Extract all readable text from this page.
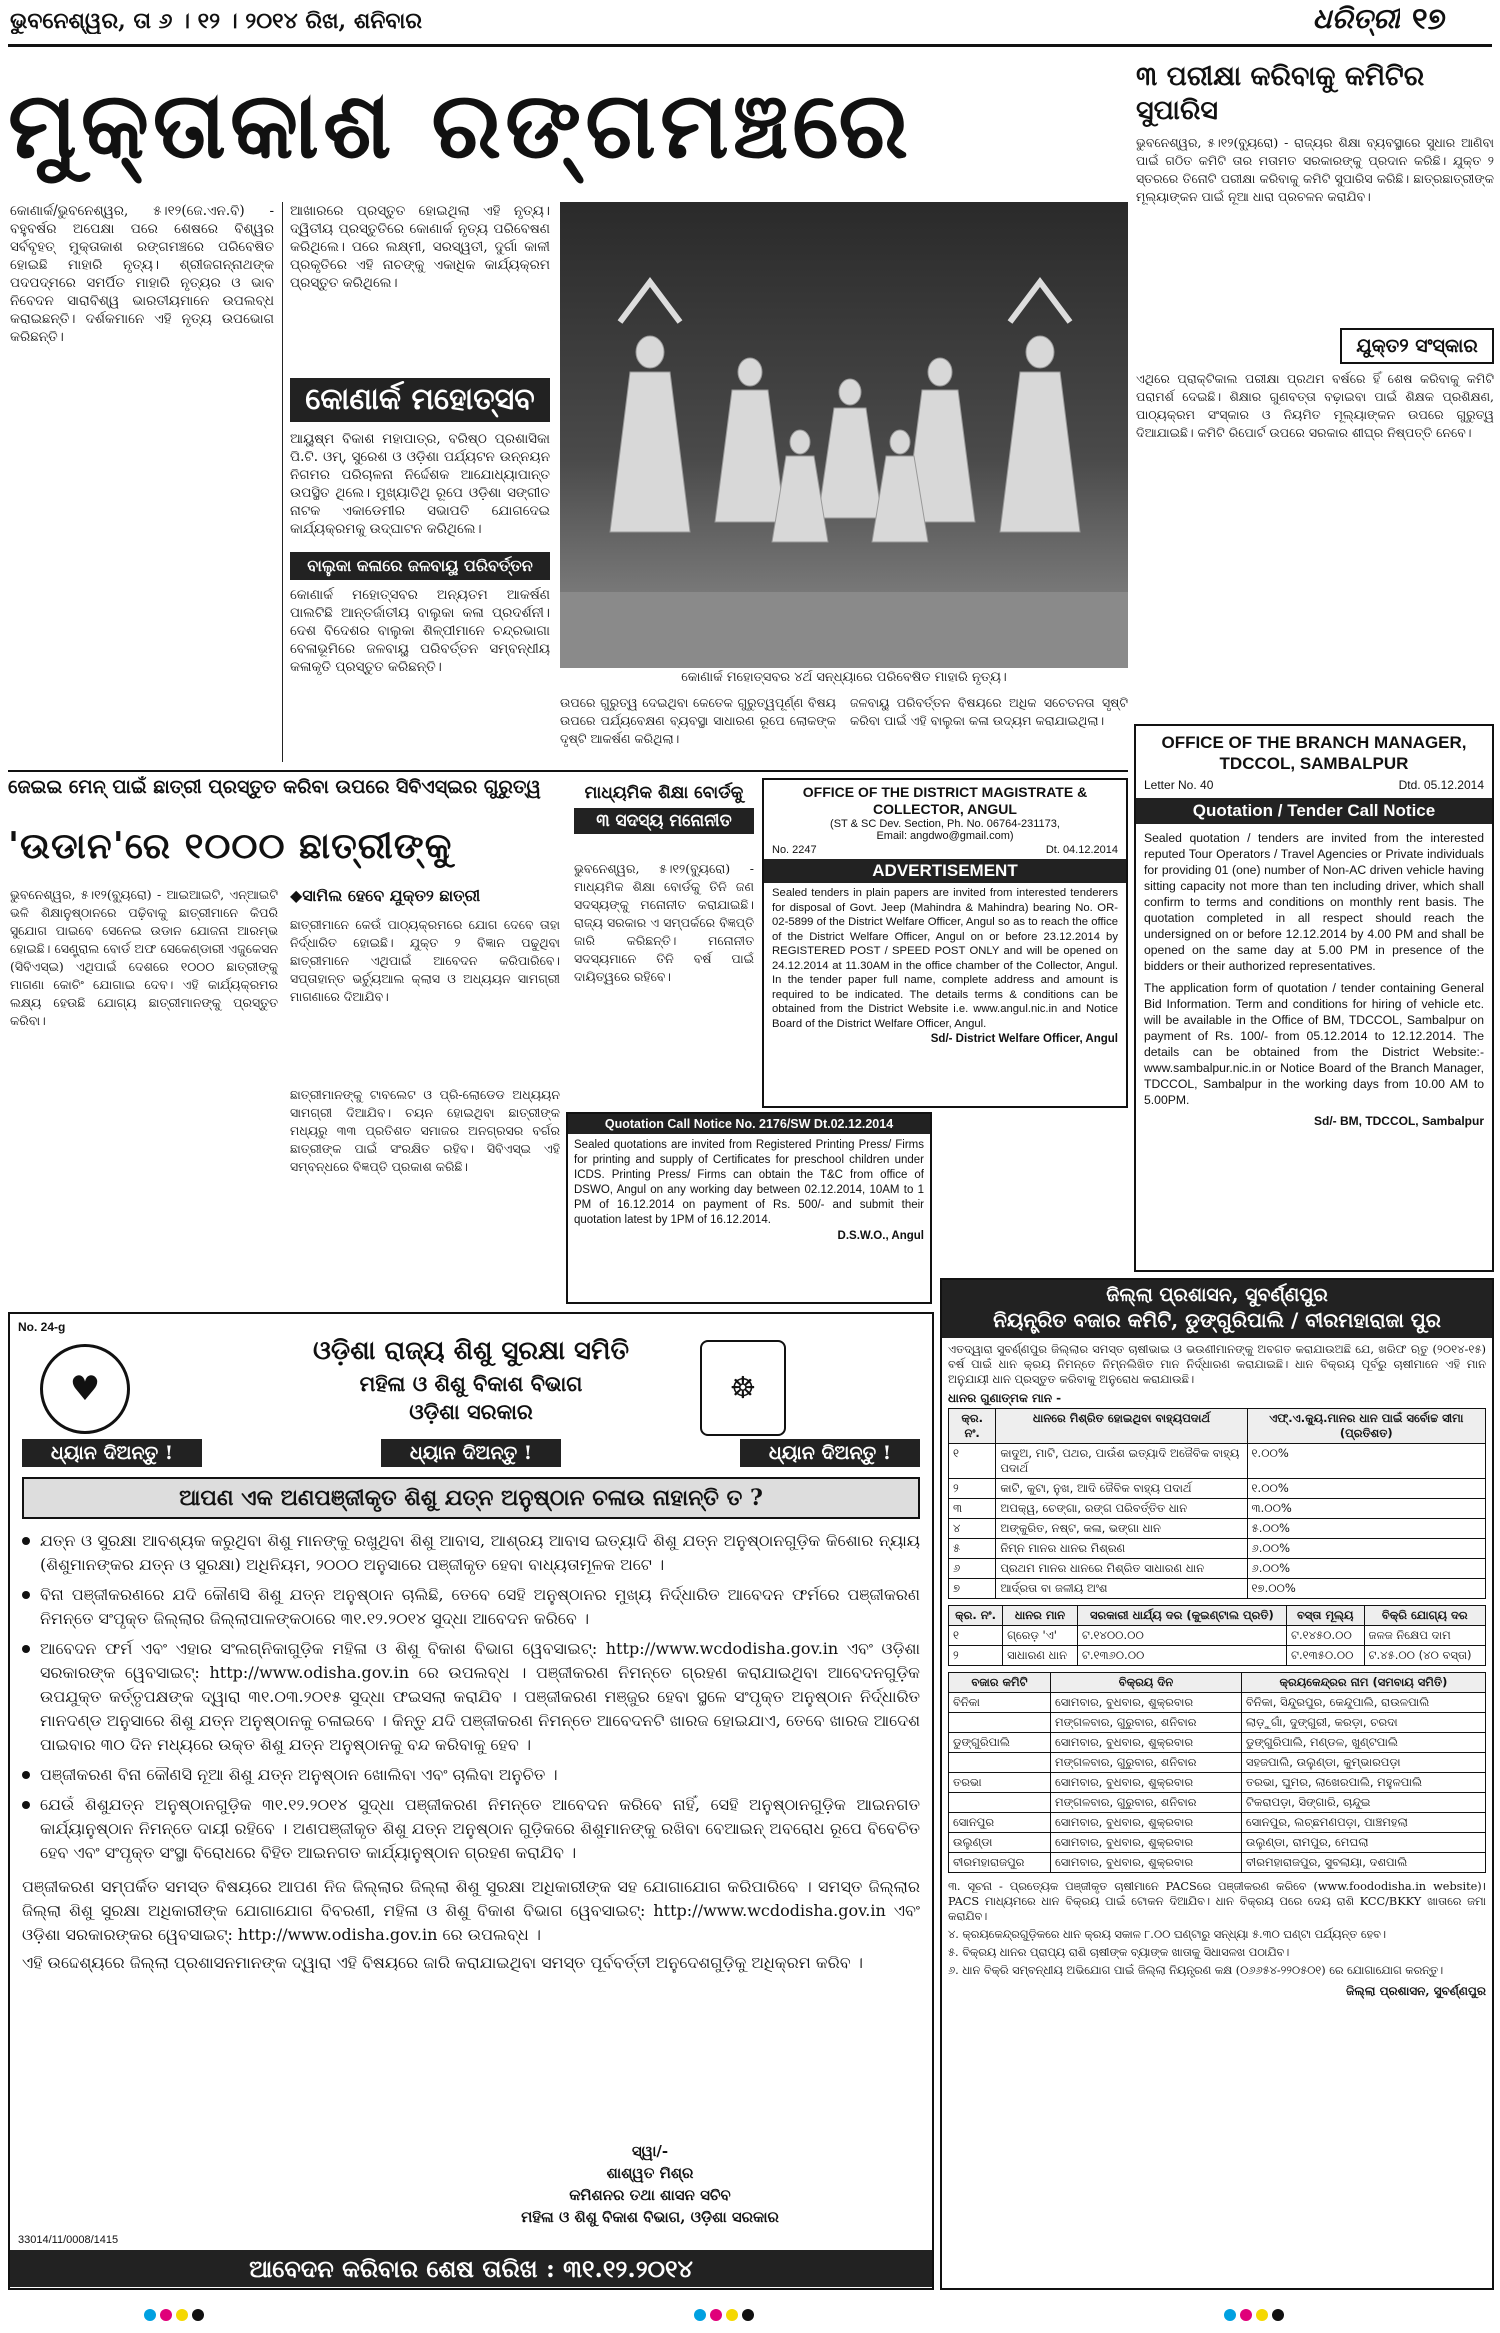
ଭୁବନେଶ୍ୱର, ତା ୬ । ୧୨ । ୨୦୧୪ ରିଖ, ଶନିବାର	ଧରିତ୍ରୀ ୧୭
ମୁକ୍ତାକାଶ ରଙ୍ଗମଞ୍ଚରେ
କୋଣାର୍କ/ଭୁବନେଶ୍ୱର, ୫।୧୨(ଜେ.ଏନ.ବି) - ବହୁବର୍ଷର ଅପେକ୍ଷା ପରେ ଶେଷରେ ବିଶ୍ୱର ସର୍ବବୃହତ୍ ମୁକ୍ତାକାଶ ରଙ୍ଗମଞ୍ଚରେ ପରିବେଷିତ ହୋଇଛି ମାହାରି ନୃତ୍ୟ। ଶ୍ରୀଜଗନ୍ନାଥଙ୍କ ପଦପଦ୍ମରେ ସମର୍ପିତ ମାହାରି ନୃତ୍ୟର ଓ ଭାବ ନିବେଦନ ସାରାବିଶ୍ୱ ଭାରତୀୟମାନେ ଉପଲବ୍ଧ କରାଇଛନ୍ତି। ଦର୍ଶକମାନେ ଏହି ନୃତ୍ୟ ଉପଭୋଗ କରିଛନ୍ତି।
ଆଖାରରେ ପ୍ରସ୍ତୁତ ହୋଇଥିଲା ଏହି ନୃତ୍ୟ। ଦ୍ୱିତୀୟ ପ୍ରସ୍ତୁତିରେ କୋଣାର୍କ ନୃତ୍ୟ ପରିବେଷଣ କରିଥିଲେ। ପରେ ଲକ୍ଷ୍ମୀ, ସରସ୍ୱତୀ, ଦୁର୍ଗା କାଳୀ ପ୍ରକୃତିରେ ଏହି ନାଚଙ୍କୁ ଏକାଧିକ କାର୍ଯ୍ୟକ୍ରମ ପ୍ରସ୍ତୁତ କରିଥିଲେ।
କୋଣାର୍କ ମହୋତ୍ସବ
ଆୟୁଷ୍ମ ବିକାଶ ମହାପାତ୍ର, ବରିଷ୍ଠ ପ୍ରଶାସିକା ପି.ଟି. ଓମ୍, ସୁରେଶ ଓ ଓଡ଼ିଶା ପର୍ଯ୍ୟଟନ ଉନ୍ନୟନ ନିଗମର ପରିଚାଳନା ନିର୍ଦ୍ଦେଶକ ଆଯୋଧ୍ୟାପାନ୍ତ ଉପସ୍ଥିତ ଥିଲେ। ମୁଖ୍ୟାତିଥି ରୂପେ ଓଡ଼ିଶା ସଙ୍ଗୀତ ନାଟକ ଏକାଡେମୀର ସଭାପତି ଯୋଗଦେଇ କାର୍ଯ୍ୟକ୍ରମକୁ ଉଦ୍‌ଘାଟନ କରିଥିଲେ।
ବାଲୁକା କଳାରେ ଜଳବାୟୁ ପରିବର୍ତ୍ତନ
କୋଣାର୍କ ମହୋତ୍ସବର ଅନ୍ୟତମ ଆକର୍ଷଣ ପାଲଟିଛି ଆନ୍ତର୍ଜାତୀୟ ବାଲୁକା କଳା ପ୍ରଦର୍ଶନୀ। ଦେଶ ବିଦେଶର ବାଲୁକା ଶିଳ୍ପୀମାନେ ଚନ୍ଦ୍ରଭାଗା ବେଳାଭୂମିରେ ଜଳବାୟୁ ପରିବର୍ତ୍ତନ ସମ୍ବନ୍ଧୀୟ କଳାକୃତି ପ୍ରସ୍ତୁତ କରିଛନ୍ତି।
କୋଣାର୍କ ମହୋତ୍ସବର ୪ର୍ଥ ସନ୍ଧ୍ୟାରେ ପରିବେଷିତ ମାହାରି ନୃତ୍ୟ।
ଉପରେ ଗୁରୁତ୍ୱ ଦେଇଥିବା କେତେକ ଗୁରୁତ୍ୱପୂର୍ଣ୍ଣ ବିଷୟ ଉପରେ ପର୍ଯ୍ୟବେକ୍ଷଣ ବ୍ୟବସ୍ଥା ସାଧାରଣ ରୂପେ ଲୋକଙ୍କ ଦୃଷ୍ଟି ଆକର୍ଷଣ କରିଥିଲା।
ଜଳବାୟୁ ପରିବର୍ତ୍ତନ ବିଷୟରେ ଅଧିକ ସଚେତନତା ସୃଷ୍ଟି କରିବା ପାଇଁ ଏହି ବାଲୁକା କଳା ଉଦ୍ୟମ କରାଯାଇଥିଲା।
୩ ପରୀକ୍ଷା କରିବାକୁ କମିଟିର ସୁପାରିସ
ଭୁବନେଶ୍ୱର, ୫।୧୨(ବ୍ୟୁରୋ) - ରାଜ୍ୟର ଶିକ୍ଷା ବ୍ୟବସ୍ଥାରେ ସୁଧାର ଆଣିବା ପାଇଁ ଗଠିତ କମିଟି ତାର ମତାମତ ସରକାରଙ୍କୁ ପ୍ରଦାନ କରିଛି। ଯୁକ୍ତ ୨ ସ୍ତରରେ ତିନୋଟି ପରୀକ୍ଷା କରିବାକୁ କମିଟି ସୁପାରିସ କରିଛି। ଛାତ୍ରଛାତ୍ରୀଙ୍କ ମୂଲ୍ୟାଙ୍କନ ପାଇଁ ନୂଆ ଧାରା ପ୍ରଚଳନ କରାଯିବ।
ଯୁକ୍ତ୨ ସଂସ୍କାର
ଏଥିରେ ପ୍ରାକ୍ଟିକାଲ ପରୀକ୍ଷା ପ୍ରଥମ ବର୍ଷରେ ହିଁ ଶେଷ କରିବାକୁ କମିଟି ପରାମର୍ଶ ଦେଇଛି। ଶିକ୍ଷାର ଗୁଣବତ୍ତା ବଢ଼ାଇବା ପାଇଁ ଶିକ୍ଷକ ପ୍ରଶିକ୍ଷଣ, ପାଠ୍ୟକ୍ରମ ସଂସ୍କାର ଓ ନିୟମିତ ମୂଲ୍ୟାଙ୍କନ ଉପରେ ଗୁରୁତ୍ୱ ଦିଆଯାଇଛି। କମିଟି ରିପୋର୍ଟ ଉପରେ ସରକାର ଶୀଘ୍ର ନିଷ୍ପତ୍ତି ନେବେ।
OFFICE OF THE BRANCH MANAGER, TDCCOL, SAMBALPUR
Letter No. 40	Dtd. 05.12.2014
Quotation / Tender Call Notice
Sealed quotation / tenders are invited from the interested reputed Tour Operators / Travel Agencies or Private individuals for providing 01 (one) number of Non-AC driven vehicle having sitting capacity not more than ten including driver, which shall confirm to terms and conditions on monthly rent basis. The quotation completed in all respect should reach the undersigned on or before 12.12.2014 by 4.00 PM and shall be opened on the same day at 5.00 PM in presence of the bidders or their authorized representatives.
The application form of quotation / tender containing General Bid Information. Term and conditions for hiring of vehicle etc. will be available in the Office of BM, TDCCOL, Sambalpur on payment of Rs. 100/- from 05.12.2014 to 12.12.2014. The details can be obtained from the District Website:- www.sambalpur.nic.in or Notice Board of the Branch Manager, TDCCOL, Sambalpur in the working days from 10.00 AM to 5.00PM.
Sd/- BM, TDCCOL, Sambalpur
ଜେଇଇ ମେନ୍ ପାଇଁ ଛାତ୍ରୀ ପ୍ରସ୍ତୁତ କରିବା ଉପରେ ସିବିଏସ୍‌ଇର ଗୁରୁତ୍ୱ
'ଉଡାନ'ରେ ୧୦୦୦ ଛାତ୍ରୀଙ୍କୁ
ଭୁବନେଶ୍ୱର, ୫।୧୨(ବ୍ୟୁରୋ) - ଆଇଆଇଟି, ଏନ୍‌ଆଇଟି ଭଳି ଶିକ୍ଷାନୁଷ୍ଠାନରେ ପଢ଼ିବାକୁ ଛାତ୍ରୀମାନେ କିପରି ସୁଯୋଗ ପାଇବେ ସେନେଇ ଉଡାନ ଯୋଜନା ଆରମ୍ଭ ହୋଇଛି। ସେଣ୍ଟ୍ରାଲ ବୋର୍ଡ ଅଫ ସେକେଣ୍ଡାରୀ ଏଜୁକେସନ (ସିବିଏସ୍‌ଇ) ଏଥିପାଇଁ ଦେଶରେ ୧୦୦୦ ଛାତ୍ରୀଙ୍କୁ ମାଗଣା କୋଚିଂ ଯୋଗାଇ ଦେବ। ଏହି କାର୍ଯ୍ୟକ୍ରମର ଲକ୍ଷ୍ୟ ହେଉଛି ଯୋଗ୍ୟ ଛାତ୍ରୀମାନଙ୍କୁ ପ୍ରସ୍ତୁତ କରିବା।
◆ସାମିଲ ହେବେ ଯୁକ୍ତ୨ ଛାତ୍ରୀ
ଛାତ୍ରୀମାନେ କେଉଁ ପାଠ୍ୟକ୍ରମରେ ଯୋଗ ଦେବେ ତାହା ନିର୍ଦ୍ଧାରିତ ହୋଇଛି। ଯୁକ୍ତ ୨ ବିଜ୍ଞାନ ପଢୁଥିବା ଛାତ୍ରୀମାନେ ଏଥିପାଇଁ ଆବେଦନ କରିପାରିବେ। ସପ୍ତାହାନ୍ତ ଭର୍ଚ୍ୟୁଆଲ କ୍ଲାସ ଓ ଅଧ୍ୟୟନ ସାମଗ୍ରୀ ମାଗଣାରେ ଦିଆଯିବ।
ଛାତ୍ରୀମାନଙ୍କୁ ଟାବଲେଟ ଓ ପ୍ରି-ଲୋଡେଡ ଅଧ୍ୟୟନ ସାମଗ୍ରୀ ଦିଆଯିବ। ଚୟନ ହୋଇଥିବା ଛାତ୍ରୀଙ୍କ ମଧ୍ୟରୁ ୩୩ ପ୍ରତିଶତ ସମାଜର ଅନଗ୍ରସର ବର୍ଗର ଛାତ୍ରୀଙ୍କ ପାଇଁ ସଂରକ୍ଷିତ ରହିବ। ସିବିଏସ୍‌ଇ ଏହି ସମ୍ବନ୍ଧରେ ବିଜ୍ଞପ୍ତି ପ୍ରକାଶ କରିଛି।
ମାଧ୍ୟମିକ ଶିକ୍ଷା ବୋର୍ଡକୁ
୩ ସଦସ୍ୟ ମନୋନୀତ
ଭୁବନେଶ୍ୱର, ୫।୧୨(ବ୍ୟୁରୋ) - ମାଧ୍ୟମିକ ଶିକ୍ଷା ବୋର୍ଡକୁ ତିନି ଜଣ ସଦସ୍ୟଙ୍କୁ ମନୋନୀତ କରାଯାଇଛି। ରାଜ୍ୟ ସରକାର ଏ ସମ୍ପର୍କରେ ବିଜ୍ଞପ୍ତି ଜାରି କରିଛନ୍ତି। ମନୋନୀତ ସଦସ୍ୟମାନେ ତିନି ବର୍ଷ ପାଇଁ ଦାୟିତ୍ୱରେ ରହିବେ।
OFFICE OF THE DISTRICT MAGISTRATE & COLLECTOR, ANGUL
(ST & SC Dev. Section, Ph. No. 06764-231173,
Email: angdwo@gmail.com)
No. 2247	Dt. 04.12.2014
ADVERTISEMENT
Sealed tenders in plain papers are invited from interested tenderers for disposal of Govt. Jeep (Mahindra & Mahindra) bearing No. OR-02-5899 of the District Welfare Officer, Angul so as to reach the office of the District Welfare Officer, Angul on or before 23.12.2014 by REGISTERED POST / SPEED POST ONLY and will be opened on 24.12.2014 at 11.30AM in the office chamber of the Collector, Angul. In the tender paper full name, complete address and amount is required to be indicated. The details terms & conditions can be obtained from the District Website i.e. www.angul.nic.in and Notice Board of the District Welfare Officer, Angul.
Sd/- District Welfare Officer, Angul
Quotation Call Notice No. 2176/SW Dt.02.12.2014
Sealed quotations are invited from Registered Printing Press/ Firms for printing and supply of Certificates for preschool children under ICDS. Printing Press/ Firms can obtain the T&C from office of DSWO, Angul on any working day between 02.12.2014, 10AM to 1 PM of 16.12.2014 on payment of Rs. 500/- and submit their quotation latest by 1PM of 16.12.2014.
D.S.W.O., Angul
ଜିଲ୍ଲା ପ୍ରଶାସନ, ସୁବର୍ଣ୍ଣପୁର
ନିୟନ୍ତ୍ରିତ ବଜାର କମିଟି, ଡୁଙ୍ଗୁରିପାଲି / ବୀରମହାରାଜା ପୁର
ଏତଦ୍ୱାରା ସୁବର୍ଣ୍ଣପୁର ଜିଲ୍ଲାର ସମସ୍ତ ଚାଷୀଭାଇ ଓ ଭଉଣୀମାନଙ୍କୁ ଅବଗତ କରାଯାଉଅଛି ଯେ, ଖରିଫ ଋତୁ (୨୦୧୪-୧୫) ବର୍ଷ ପାଇଁ ଧାନ କ୍ରୟ ନିମନ୍ତେ ନିମ୍ନଲିଖିତ ମାନ ନିର୍ଦ୍ଧାରଣ କରାଯାଇଛି। ଧାନ ବିକ୍ରୟ ପୂର୍ବରୁ ଚାଷୀମାନେ ଏହି ମାନ ଅନୁଯାୟୀ ଧାନ ପ୍ରସ୍ତୁତ କରିବାକୁ ଅନୁରୋଧ କରାଯାଉଛି।
ଧାନର ଗୁଣାତ୍ମକ ମାନ -
କ୍ର. ନଂ.	ଧାନରେ ମିଶ୍ରିତ ହୋଇଥିବା ବାହ୍ୟପଦାର୍ଥ	ଏଫ୍.ଏ.କ୍ୟୁ.ମାନର ଧାନ ପାଇଁ ସର୍ବୋଚ୍ଚ ସୀମା (ପ୍ରତିଶତ)
୧	କାଦୁଅ, ମାଟି, ପଥର, ପାଉଁଶ ଇତ୍ୟାଦି ଅଜୈବିକ ବାହ୍ୟ ପଦାର୍ଥ	୧.୦୦%
୨	କାଟି, କୁଟା, ନୁଖ, ଆଦି ଜୈବିକ ବାହ୍ୟ ପଦାର୍ଥ	୧.୦୦%
୩	ଅପକ୍ୱ, ଚେଙ୍ଗା, ରଙ୍ଗ ପରିବର୍ତ୍ତିତ ଧାନ	୩.୦୦%
୪	ଅଙ୍କୁରିତ, ନଷ୍ଟ, କଳା, ଭଙ୍ଗା ଧାନ	୫.୦୦%
୫	ନିମ୍ନ ମାନର ଧାନର ମିଶ୍ରଣ	୬.୦୦%
୬	ପ୍ରଥମ ମାନର ଧାନରେ ମିଶ୍ରିତ ସାଧାରଣ ଧାନ	୬.୦୦%
୭	ଆର୍ଦ୍ରତା ବା ଜଳୀୟ ଅଂଶ	୧୭.୦୦%
କ୍ର. ନଂ.	ଧାନର ମାନ	ସରକାରୀ ଧାର୍ଯ୍ୟ ଦର (କୁଇଣ୍ଟାଲ ପ୍ରତି)	ବସ୍ତା ମୂଲ୍ୟ	ବିକ୍ରି ଯୋଗ୍ୟ ଦର
୧	ଗ୍ରେଡ଼ 'ଏ'	ଟ.୧୪୦୦.୦୦	ଟ.୧୪୫୦.୦୦	ଜଳଜ ନିକ୍ଷେପ ଦାମ
୨	ସାଧାରଣ ଧାନ	ଟ.୧୩୬୦.୦୦	ଟ.୧୩୫୦.୦୦	ଟ.୪୫.୦୦ (୪୦ ବସ୍ତା)
ବଜାର କମିଟି	ବିକ୍ରୟ ଦିନ	କ୍ରୟକେନ୍ଦ୍ରର ନାମ (ସମବାୟ ସମିତି)
ବିନିକା	ସୋମବାର, ବୁଧବାର, ଶୁକ୍ରବାର	ବିନିକା, ସିନ୍ଦୁରପୁର, କେନ୍ଦୁପାଲି, ରାଉଳପାଲି
	ମଙ୍ଗଳବାର, ଗୁରୁବାର, ଶନିବାର	ଲାଡ଼ୁଗାଁ, ଦୁଙ୍ଗୁରୀ, କରଡ଼ା, ଚରଦା
ଡୁଙ୍ଗୁରିପାଲି	ସୋମବାର, ବୁଧବାର, ଶୁକ୍ରବାର	ଡୁଙ୍ଗୁରିପାଲି, ମଣ୍ଡଳ, ଖୁଣ୍ଟପାଲି
	ମଙ୍ଗଳବାର, ଗୁରୁବାର, ଶନିବାର	ସହଜପାଲି, ଉଲୁଣ୍ଡା, କୁମ୍ଭାରପଡ଼ା
ତରଭା	ସୋମବାର, ବୁଧବାର, ଶୁକ୍ରବାର	ତରଭା, ଘୁମର, ଲାଖେରପାଲି, ମହୁଳପାଲି
	ମଙ୍ଗଳବାର, ଗୁରୁବାର, ଶନିବାର	ଟିକରାପଡ଼ା, ସିଙ୍ଗାରି, ଚାନ୍ଦୁଇ
ସୋନପୁର	ସୋମବାର, ବୁଧବାର, ଶୁକ୍ରବାର	ସୋନପୁର, ଲଚ୍ଛମଣପଡ଼ା, ପାଞ୍ଚମହଲା
ଉଲୁଣ୍ଡା	ସୋମବାର, ବୁଧବାର, ଶୁକ୍ରବାର	ଉଲୁଣ୍ଡା, ରାମପୁର, ମେଘଲା
ବୀରମହାରାଜପୁର	ସୋମବାର, ବୁଧବାର, ଶୁକ୍ରବାର	ବୀରମହାରାଜପୁର, ସୁବଲାୟା, ଦଶପାଲି
୩. ସୂଚନା - ପ୍ରତ୍ୟେକ ପଞ୍ଜୀକୃତ ଚାଷୀମାନେ PACSରେ ପଞ୍ଜୀକରଣ କରିବେ (www.foododisha.in website)। PACS ମାଧ୍ୟମରେ ଧାନ ବିକ୍ରୟ ପାଇଁ ଟୋକନ ଦିଆଯିବ। ଧାନ ବିକ୍ରୟ ପରେ ଦେୟ ରାଶି KCC/BKKY ଖାତାରେ ଜମା କରାଯିବ।
୪. କ୍ରୟକେନ୍ଦ୍ରଗୁଡ଼ିକରେ ଧାନ କ୍ରୟ ସକାଳ ୮.୦୦ ଘଣ୍ଟାରୁ ସନ୍ଧ୍ୟା ୫.୩୦ ଘଣ୍ଟା ପର୍ଯ୍ୟନ୍ତ ହେବ।
୫. ବିକ୍ରୟ ଧାନର ପ୍ରାପ୍ୟ ରାଶି ଚାଷୀଙ୍କ ବ୍ୟାଙ୍କ ଖାତାକୁ ସିଧାସଳଖ ପଠାଯିବ।
୬. ଧାନ ବିକ୍ରି ସମ୍ବନ୍ଧୀୟ ଅଭିଯୋଗ ପାଇଁ ଜିଲ୍ଲା ନିୟନ୍ତ୍ରଣ କକ୍ଷ (୦୬୬୫୪-୨୨୦୫୦୧) ରେ ଯୋଗାଯୋଗ କରନ୍ତୁ।
ଜିଲ୍ଲା ପ୍ରଶାସନ, ସୁବର୍ଣ୍ଣପୁର
No. 24-g
♥	☸
ଓଡ଼ିଶା ରାଜ୍ୟ ଶିଶୁ ସୁରକ୍ଷା ସମିତି
ମହିଳା ଓ ଶିଶୁ ବିକାଶ ବିଭାଗ
ଓଡ଼ିଶା ସରକାର
ଧ୍ୟାନ ଦିଅନ୍ତୁ !	ଧ୍ୟାନ ଦିଅନ୍ତୁ !	ଧ୍ୟାନ ଦିଅନ୍ତୁ !
ଆପଣ ଏକ ଅଣପଞ୍ଜୀକୃତ ଶିଶୁ ଯତ୍ନ ଅନୁଷ୍ଠାନ ଚଳାଉ ନାହାନ୍ତି ତ ?
ଯତ୍ନ ଓ ସୁରକ୍ଷା ଆବଶ୍ୟକ କରୁଥିବା ଶିଶୁ ମାନଙ୍କୁ ରଖୁଥିବା ଶିଶୁ ଆବାସ, ଆଶ୍ରୟ ଆବାସ ଇତ୍ୟାଦି ଶିଶୁ ଯତ୍ନ ଅନୁଷ୍ଠାନଗୁଡ଼ିକ କିଶୋର ନ୍ୟାୟ (ଶିଶୁମାନଙ୍କର ଯତ୍ନ ଓ ସୁରକ୍ଷା) ଅଧିନିୟମ, ୨୦୦୦ ଅନୁସାରେ ପଞ୍ଜୀକୃତ ହେବା ବାଧ୍ୟତାମୂଳକ ଅଟେ ।
ବିନା ପଞ୍ଜୀକରଣରେ ଯଦି କୌଣସି ଶିଶୁ ଯତ୍ନ ଅନୁଷ୍ଠାନ ଚାଲିଛି, ତେବେ ସେହି ଅନୁଷ୍ଠାନର ମୁଖ୍ୟ ନିର୍ଦ୍ଧାରିତ ଆବେଦନ ଫର୍ମରେ ପଞ୍ଜୀକରଣ ନିମନ୍ତେ ସଂପୃକ୍ତ ଜିଲ୍ଲାର ଜିଲ୍ଲାପାଳଙ୍କଠାରେ ୩୧.୧୨.୨୦୧୪ ସୁଦ୍ଧା ଆବେଦନ କରିବେ ।
ଆବେଦନ ଫର୍ମ ଏବଂ ଏହାର ସଂଲଗ୍ନିକାଗୁଡ଼ିକ ମହିଳା ଓ ଶିଶୁ ବିକାଶ ବିଭାଗ ୱେବସାଇଟ୍: http://www.wcdodisha.gov.in ଏବଂ ଓଡ଼ିଶା ସରକାରଙ୍କ ୱେବସାଇଟ୍: http://www.odisha.gov.in ରେ ଉପଲବ୍ଧ । ପଞ୍ଜୀକରଣ ନିମନ୍ତେ ଗ୍ରହଣ କରାଯାଇଥିବା ଆବେଦନଗୁଡ଼ିକ ଉପଯୁକ୍ତ କର୍ତ୍ତୃପକ୍ଷଙ୍କ ଦ୍ୱାରା ୩୧.୦୩.୨୦୧୫ ସୁଦ୍ଧା ଫଇସଲା କରାଯିବ । ପଞ୍ଜୀକରଣ ମଞ୍ଜୁର ହେବା ସ୍ଥଳେ ସଂପୃକ୍ତ ଅନୁଷ୍ଠାନ ନିର୍ଦ୍ଧାରିତ ମାନଦଣ୍ଡ ଅନୁସାରେ ଶିଶୁ ଯତ୍ନ ଅନୁଷ୍ଠାନକୁ ଚଳାଇବେ । କିନ୍ତୁ ଯଦି ପଞ୍ଜୀକରଣ ନିମନ୍ତେ ଆବେଦନଟି ଖାରଜ ହୋଇଯାଏ, ତେବେ ଖାରଜ ଆଦେଶ ପାଇବାର ୩୦ ଦିନ ମଧ୍ୟରେ ଉକ୍ତ ଶିଶୁ ଯତ୍ନ ଅନୁଷ୍ଠାନକୁ ବନ୍ଦ କରିବାକୁ ହେବ ।
ପଞ୍ଜୀକରଣ ବିନା କୌଣସି ନୂଆ ଶିଶୁ ଯତ୍ନ ଅନୁଷ୍ଠାନ ଖୋଲିବା ଏବଂ ଚାଲିବା ଅନୁଚିତ ।
ଯେଉଁ ଶିଶୁଯତ୍ନ ଅନୁଷ୍ଠାନଗୁଡ଼ିକ ୩୧.୧୨.୨୦୧୪ ସୁଦ୍ଧା ପଞ୍ଜୀକରଣ ନିମନ୍ତେ ଆବେଦନ କରିବେ ନାହିଁ, ସେହି ଅନୁଷ୍ଠାନଗୁଡ଼ିକ ଆଇନଗତ କାର୍ଯ୍ୟାନୁଷ୍ଠାନ ନିମନ୍ତେ ଦାୟୀ ରହିବେ । ଅଣପଞ୍ଜୀକୃତ ଶିଶୁ ଯତ୍ନ ଅନୁଷ୍ଠାନ ଗୁଡ଼ିକରେ ଶିଶୁମାନଙ୍କୁ ରଖିବା ବେଆଇନ୍ ଅବରୋଧ ରୂପେ ବିବେଚିତ ହେବ ଏବଂ ସଂପୃକ୍ତ ସଂସ୍ଥା ବିରୋଧରେ ବିହିତ ଆଇନଗତ କାର୍ଯ୍ୟାନୁଷ୍ଠାନ ଗ୍ରହଣ କରାଯିବ ।
ପଞ୍ଜୀକରଣ ସମ୍ପର୍କିତ ସମସ୍ତ ବିଷୟରେ ଆପଣ ନିଜ ଜିଲ୍ଲାର ଜିଲ୍ଲା ଶିଶୁ ସୁରକ୍ଷା ଅଧିକାରୀଙ୍କ ସହ ଯୋଗାଯୋଗ କରିପାରିବେ । ସମସ୍ତ ଜିଲ୍ଲାର ଜିଲ୍ଲା ଶିଶୁ ସୁରକ୍ଷା ଅଧିକାରୀଙ୍କ ଯୋଗାଯୋଗ ବିବରଣୀ, ମହିଳା ଓ ଶିଶୁ ବିକାଶ ବିଭାଗ ୱେବସାଇଟ୍: http://www.wcdodisha.gov.in ଏବଂ ଓଡ଼ିଶା ସରକାରଙ୍କର ୱେବସାଇଟ୍: http://www.odisha.gov.in ରେ ଉପଲବ୍ଧ ।
ଏହି ଉଦ୍ଦେଶ୍ୟରେ ଜିଲ୍ଲା ପ୍ରଶାସନମାନଙ୍କ ଦ୍ୱାରା ଏହି ବିଷୟରେ ଜାରି କରାଯାଇଥିବା ସମସ୍ତ ପୂର୍ବବର୍ତ୍ତୀ ଅନୁଦେଶଗୁଡ଼ିକୁ ଅଧିକ୍ରମ କରିବ ।
ସ୍ୱା/-
ଶାଶ୍ୱତ ମିଶ୍ର
କମିଶନର ତଥା ଶାସନ ସଚିବ
ମହିଳା ଓ ଶିଶୁ ବିକାଶ ବିଭାଗ, ଓଡ଼ିଶା ସରକାର
33014/11/0008/1415
ଆବେଦନ କରିବାର ଶେଷ ତାରିଖ : ୩୧.୧୨.୨୦୧୪
